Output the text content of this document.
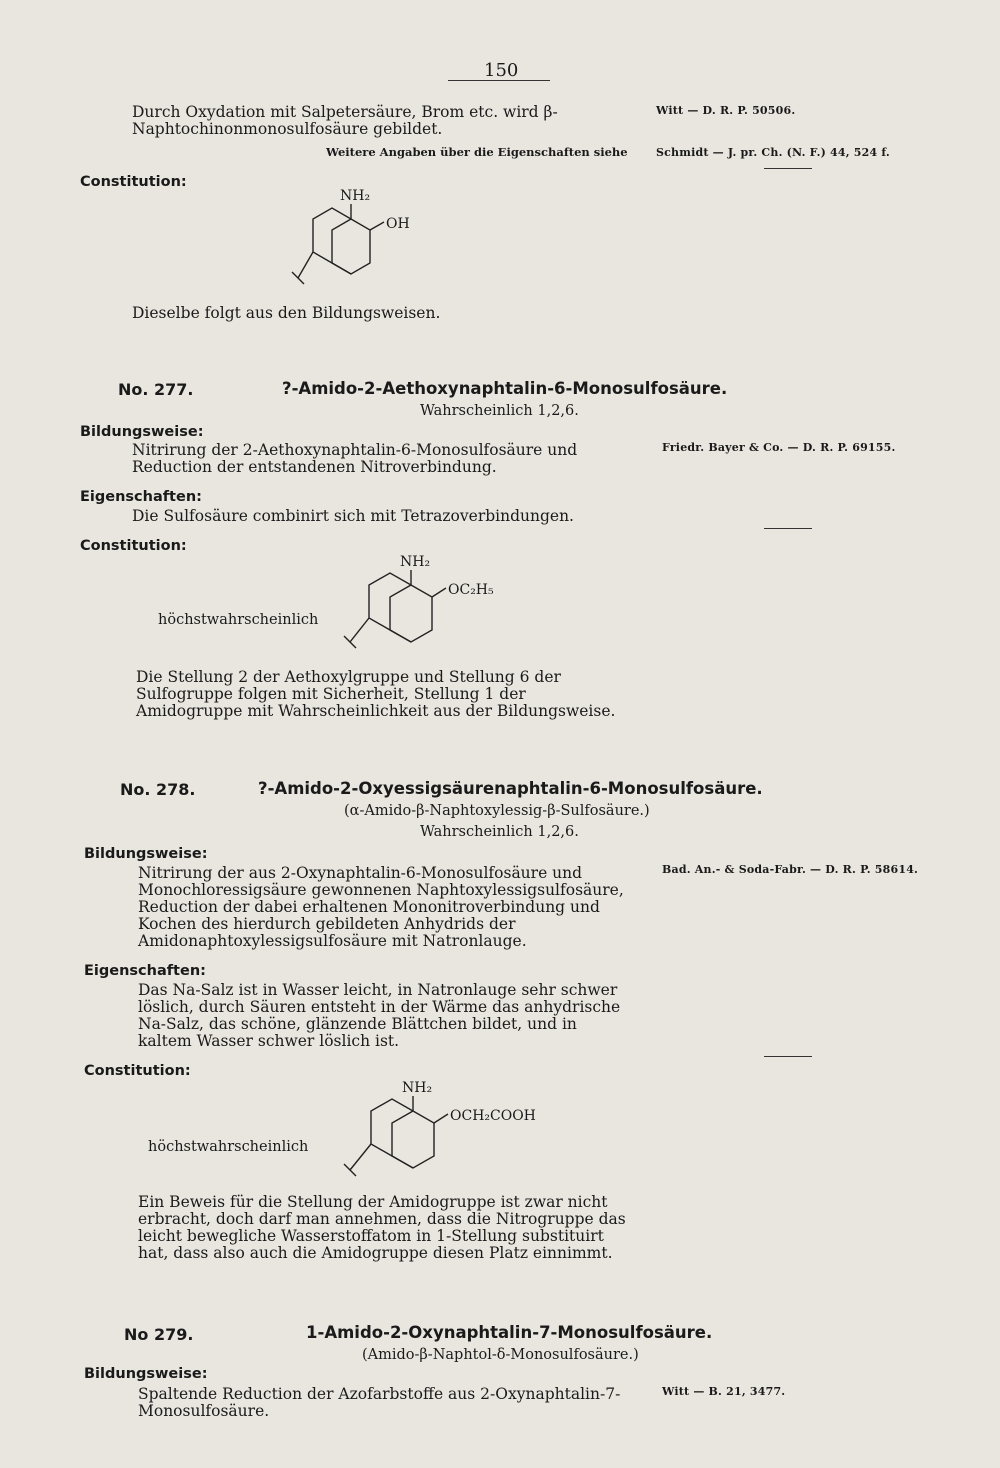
150
Durch Oxydation mit Salpetersäure, Brom etc. wird β-Naphtochinonmonosulfosäure gebildet.
Weitere Angaben über die Eigenschaften siehe
Witt — D. R. P. 50506.
Schmidt — J. pr. Ch. (N. F.) 44, 524 f.
Constitution:
NH₂
OH
Dieselbe folgt aus den Bildungsweisen.
No. 277.	?-Amido-2-Aethoxynaphtalin-6-Monosulfosäure.
Wahrscheinlich 1,2,6.
Bildungsweise:
Nitrirung der 2-Aethoxynaphtalin-6-Monosulfosäure und Reduction der entstandenen Nitroverbindung.
Friedr. Bayer & Co. — D. R. P. 69155.
Eigenschaften:
Die Sulfosäure combinirt sich mit Tetrazoverbindungen.
Constitution:
höchstwahrscheinlich
NH₂
OC₂H₅
Die Stellung 2 der Aethoxylgruppe und Stellung 6 der Sulfogruppe folgen mit Sicherheit, Stellung 1 der Amidogruppe mit Wahrscheinlichkeit aus der Bildungsweise.
No. 278.	?-Amido-2-Oxyessigsäurenaphtalin-6-Monosulfosäure.
(α-Amido-β-Naphtoxylessig-β-Sulfosäure.)
Wahrscheinlich 1,2,6.
Bildungsweise:
Nitrirung der aus 2-Oxynaphtalin-6-Monosulfosäure und Monochloressigsäure gewonnenen Naphtoxylessigsulfosäure, Reduction der dabei erhaltenen Mononitroverbindung und Kochen des hierdurch gebildeten Anhydrids der Amidonaphtoxylessigsulfosäure mit Natronlauge.
Bad. An.- & Soda-Fabr. — D. R. P. 58614.
Eigenschaften:
Das Na-Salz ist in Wasser leicht, in Natronlauge sehr schwer löslich, durch Säuren entsteht in der Wärme das anhydrische Na-Salz, das schöne, glänzende Blättchen bildet, und in kaltem Wasser schwer löslich ist.
Constitution:
höchstwahrscheinlich
NH₂
OCH₂COOH
Ein Beweis für die Stellung der Amidogruppe ist zwar nicht erbracht, doch darf man annehmen, dass die Nitrogruppe das leicht bewegliche Wasserstoffatom in 1-Stellung substituirt hat, dass also auch die Amidogruppe diesen Platz einnimmt.
No 279.	1-Amido-2-Oxynaphtalin-7-Monosulfosäure.
(Amido-β-Naphtol-δ-Monosulfosäure.)
Bildungsweise:
Spaltende Reduction der Azofarbstoffe aus 2-Oxynaphtalin-7-Monosulfosäure.
Witt — B. 21, 3477.
